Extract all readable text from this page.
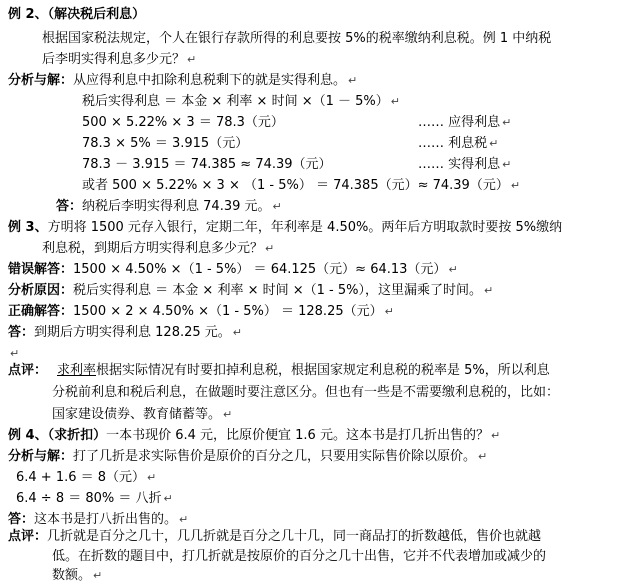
例 2、（解决税后利息）
根据国家税法规定，个人在银行存款所得的利息要按 5%的税率缴纳利息税。例 1 中纳税
后李明实得利息多少元？ ↵
分析与解：从应得利息中扣除利息税剩下的就是实得利息。 ↵
税后实得利息 ＝ 本金 × 利率 × 时间 ×（1 － 5%） ↵
500 × 5.22% × 3 ＝ 78.3（元）	…… 应得利息 ↵
78.3 × 5% ＝ 3.915（元）	…… 利息税 ↵
78.3 － 3.915 ＝ 74.385 ≈ 74.39（元）	…… 实得利息 ↵
或者 500 × 5.22% × 3 × （1 - 5%） ＝ 74.385（元）≈ 74.39（元） ↵
答：纳税后李明实得利息 74.39 元。 ↵
例 3、方明将 1500 元存入银行，定期二年，年利率是 4.50%。两年后方明取款时要按 5%缴纳
利息税，到期后方明实得利息多少元？ ↵
错误解答：1500 × 4.50% ×（1 - 5%） ＝ 64.125（元）≈ 64.13（元） ↵
分析原因：税后实得利息 ＝ 本金 × 利率 × 时间 ×（1 - 5%），这里漏乘了时间。 ↵
正确解答：1500 × 2 × 4.50% ×（1 - 5%） ＝ 128.25（元） ↵
答：到期后方明实得利息 128.25 元。 ↵
↵
点评： 求利率根据实际情况有时要扣掉利息税，根据国家规定利息税的税率是 5%，所以利息
分税前利息和税后利息，在做题时要注意区分。但也有一些是不需要缴利息税的，比如：
国家建设债券、教育储蓄等。 ↵
例 4、（求折扣）一本书现价 6.4 元，比原价便宜 1.6 元。这本书是打几折出售的？ ↵
分析与解：打了几折是求实际售价是原价的百分之几，只要用实际售价除以原价。 ↵
6.4 + 1.6 ＝ 8（元） ↵
6.4 ÷ 8 ＝ 80% ＝ 八折 ↵
答：这本书是打八折出售的。 ↵
点评：几折就是百分之几十，几几折就是百分之几十几，同一商品打的折数越低，售价也就越
低。在折数的题目中，打几折就是按原价的百分之几十出售，它并不代表增加或减少的
数额。 ↵
